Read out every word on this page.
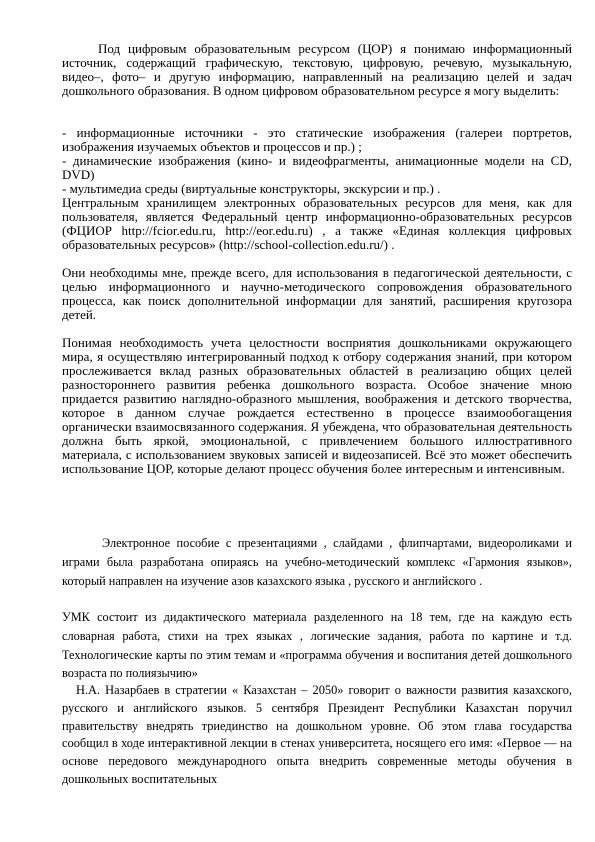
Под цифровым образовательным ресурсом (ЦОР) я понимаю информационный источник, содержащий графическую, текстовую, цифровую, речевую, музыкальную, видео–, фото– и другую информацию, направленный на реализацию целей и задач дошкольного образования. В одном цифровом образовательном ресурсе я могу выделить:

- информационные источники - это статические изображения (галереи портретов, изображения изучаемых объектов и процессов и пр.) ;

- динамические изображения (кино- и видеофрагменты, анимационные модели на CD, DVD)

- мультимедиа среды (виртуальные конструкторы, экскурсии и пр.) .

Центральным хранилищем электронных образовательных ресурсов для меня, как для пользователя, является Федеральный центр информационно-образовательных ресурсов (ФЦИОР http://fcior.edu.ru, http://eor.edu.ru) , а также «Единая коллекция цифровых образовательных ресурсов» (http://school-collection.edu.ru/) .

Они необходимы мне, прежде всего, для использования в педагогической деятельности, с целью информационного и научно-методического сопровождения образовательного процесса, как поиск дополнительной информации для занятий, расширения кругозора детей.

Понимая необходимость учета целостности восприятия дошкольниками окружающего мира, я осуществляю интегрированный подход к отбору содержания знаний, при котором прослеживается вклад разных образовательных областей в реализацию общих целей разностороннего развития ребенка дошкольного возраста. Особое значение мною придается развитию наглядно-образного мышления, воображения и детского творчества, которое в данном случае рождается естественно в процессе взаимообогащения органически взаимосвязанного содержания. Я убеждена, что образовательная деятельность должна быть яркой, эмоциональной, с привлечением большого иллюстративного материала, с использованием звуковых записей и видеозаписей. Всё это может обеспечить использование ЦОР, которые делают процесс обучения более интересным и интенсивным.

Электронное пособие с презентациями , слайдами , флипчартами, видеороликами и играми была разработана опираясь на учебно-методический комплекс «Гармония языков», который направлен на изучение азов казахского языка , русского и английского .

УМК состоит из дидактического материала разделенного на 18 тем, где на каждую есть словарная работа, стихи на трех языках , логические задания, работа по картине и т.д. Технологические карты по этим темам и «программа обучения и воспитания детей дошкольного возраста по полиязычию»

Н.А. Назарбаев в стратегии « Казахстан – 2050» говорит о важности развития казахского, русского и английского языков. 5 сентября Президент Республики Казахстан поручил правительству внедрять триединство на дошкольном уровне. Об этом глава государства сообщил в ходе интерактивной лекции в стенах университета, носящего его имя: «Первое — на основе передового международного опыта внедрить современные методы обучения в дошкольных воспитательных
